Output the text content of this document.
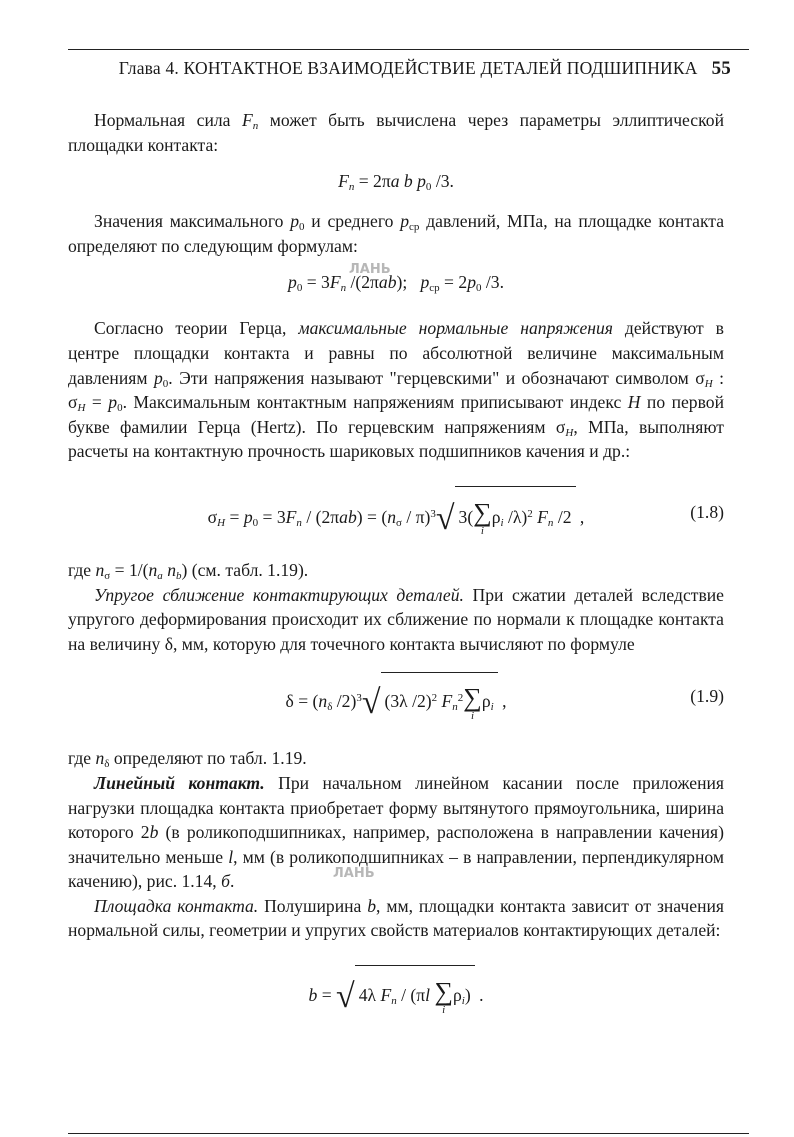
Глава 4. КОНТАКТНОЕ ВЗАИМОДЕЙСТВИЕ ДЕТАЛЕЙ ПОДШИПНИКА 55
ЛАНЬ
ЛАНЬ

Нормальная сила $F_n$ может быть вычислена через параметры эллиптической площадки контакта:

$F_n = 2\pi a$ b $p_0$ /3.

Значения максимального $p_0$ и среднего $p_{ср}$ давлений, МПа, на площадке контакта определяют по следующим формулам:

$p_0 = 3F_n$ /(2πab);   $p_{ср} = 2p_0$ /3.

Согласно теории Герца, максимальные нормальные напряжения действуют в центре площадки контакта и равны по абсолютной величине максимальным давлениям $p_0$. Эти напряжения называют "герцевскими" и обозначают символом $\sigma_H$ : $\sigma_H = p_0$. Максимальным контактным напряжениям приписывают индекс H по первой букве фамилии Герца (Hertz). По герцевским напряжениям $\sigma_H$, МПа, выполняют расчеты на контактную прочность шариковых подшипников качения и др.:

$\sigma_H = p_0 = 3F_n / (2\pi ab) = (n_\sigma / \pi)^3√$ 3( ∑
i
$\rho_i$ /λ)$^2$ $F_n$ /2 ,	(1.8)

где $n_\sigma = 1/(n_a$ $n_b$) (см. табл. 1.19).

Упругое сближение контактирующих деталей. При сжатии деталей вследствие упругого деформирования происходит их сближение по нормали к площадке контакта на величину δ, мм, которую для точечного контакта вычисляют по формуле

$\delta = (n_\delta$ /2)$^3$√ (3λ /2)$^2$ $F_n^2$ ∑
i
$\rho_i$ ,	(1.9)

где $n_\delta$ определяют по табл. 1.19.

Линейный контакт. При начальном линейном касании после приложения нагрузки площадка контакта приобретает форму вытянутого прямоугольника, ширина которого 2b (в роликоподшипниках, например, расположена в направлении качения) значительно меньше l, мм (в роликоподшипниках – в направлении, перпендикулярном качению), рис. 1.14, б.

Площадка контакта. Полуширина b, мм, площадки контакта зависит от значения нормальной силы, геометрии и упругих свойств материалов контактирующих деталей:

b = √ 4λ $F_n / (\pi l$ ∑
i
$\rho_i$) .
